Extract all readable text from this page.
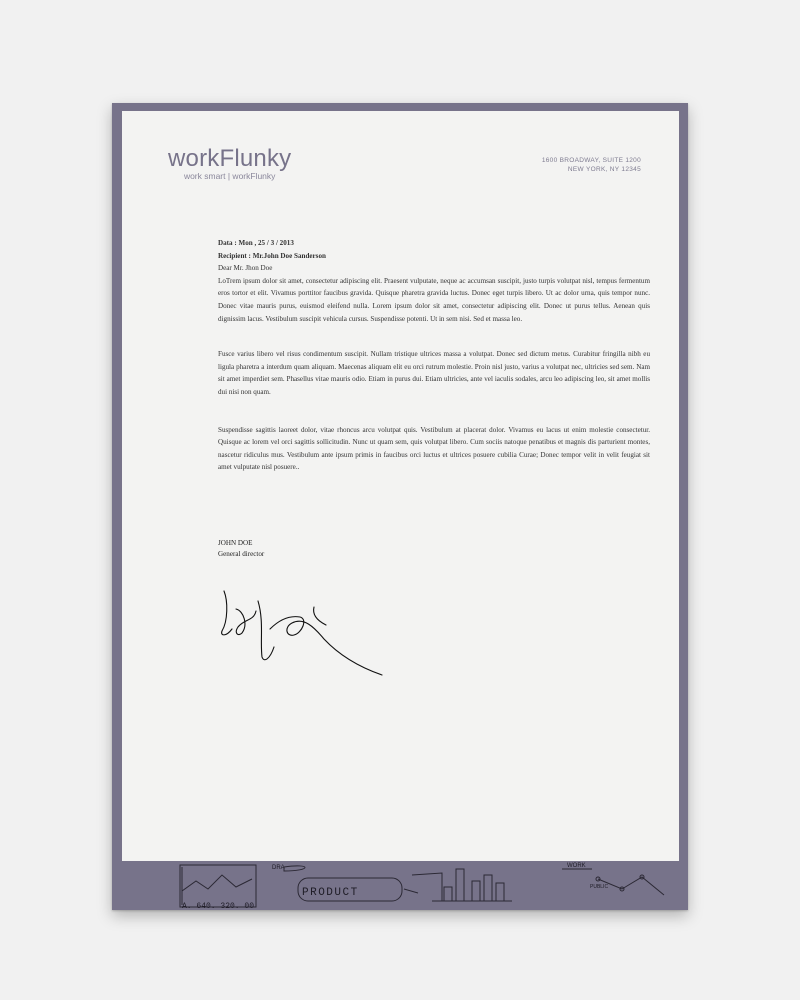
workFlunky
work smart | workFlunky
1600 BROADWAY, SUITE 1200
NEW YORK, NY 12345

Data : Mon , 25 / 3 / 2013

Recipient : Mr.John Doe Sanderson

Dear Mr. Jhon Doe

LoTrem ipsum dolor sit amet, consectetur adipiscing elit. Praesent vulputate, neque ac accumsan suscipit, justo turpis volutpat nisl, tempus fermentum eros tortor et elit. Vivamus porttitor faucibus gravida. Quisque pharetra gravida luctus. Donec eget turpis libero. Ut ac dolor urna, quis tempor nunc. Donec vitae mauris purus, euismod eleifend nulla. Lorem ipsum dolor sit amet, consectetur adipiscing elit. Donec ut purus tellus. Aenean quis dignissim lacus. Vestibulum suscipit vehicula cursus. Suspendisse potenti. Ut in sem nisi. Sed et massa leo.

Fusce varius libero vel risus condimentum suscipit. Nullam tristique ultrices massa a volutpat. Donec sed dictum metus. Curabitur fringilla nibh eu ligula pharetra a interdum quam aliquam. Maecenas aliquam elit eu orci rutrum molestie. Proin nisl justo, varius a volutpat nec, ultricies sed sem. Nam sit amet imperdiet sem. Phasellus vitae mauris odio. Etiam in purus dui. Etiam ultricies, ante vel iaculis sodales, arcu leo adipiscing leo, sit amet mollis dui nisi non quam.

Suspendisse sagittis laoreet dolor, vitae rhoncus arcu volutpat quis. Vestibulum at placerat dolor. Vivamus eu lacus ut enim molestie consectetur. Quisque ac lorem vel orci sagittis sollicitudin. Nunc ut quam sem, quis volutpat libero. Cum sociis natoque penatibus et magnis dis parturient montes, nascetur ridiculus mus. Vestibulum ante ipsum primis in faucibus orci luctus et ultrices posuere cubilia Curae; Donec tempor velit in velit feugiat sit amet vulputate nisl posuere..

JOHN DOE
General director
PRODUCT
A. 640. 320. 00
DRA	WORK
PUBLIC
